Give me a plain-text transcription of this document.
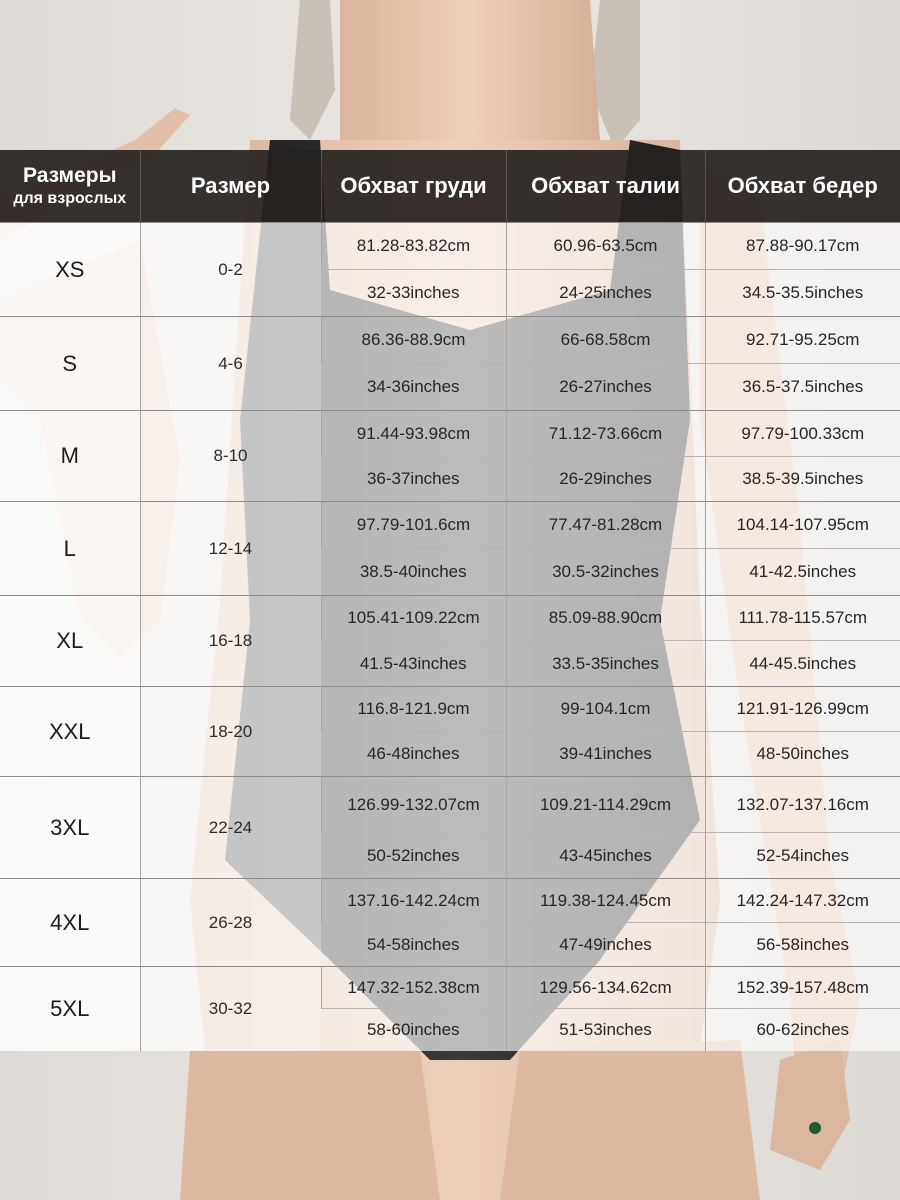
Размеры
для взрослых	Размер	Обхват груди	Обхват талии	Обхват бедер
XS	0-2	81.28-83.82cm	60.96-63.5cm	87.88-90.17cm
		32-33inches	24-25inches	34.5-35.5inches
S	4-6	86.36-88.9cm	66-68.58cm	92.71-95.25cm
		34-36inches	26-27inches	36.5-37.5inches
M	8-10	91.44-93.98cm	71.12-73.66cm	97.79-100.33cm
		36-37inches	26-29inches	38.5-39.5inches
L	12-14	97.79-101.6cm	77.47-81.28cm	104.14-107.95cm
		38.5-40inches	30.5-32inches	41-42.5inches
XL	16-18	105.41-109.22cm	85.09-88.90cm	111.78-115.57cm
		41.5-43inches	33.5-35inches	44-45.5inches
XXL	18-20	116.8-121.9cm	99-104.1cm	121.91-126.99cm
		46-48inches	39-41inches	48-50inches
3XL	22-24	126.99-132.07cm	109.21-114.29cm	132.07-137.16cm
		50-52inches	43-45inches	52-54inches
4XL	26-28	137.16-142.24cm	119.38-124.45cm	142.24-147.32cm
		54-58inches	47-49inches	56-58inches
5XL	30-32	147.32-152.38cm	129.56-134.62cm	152.39-157.48cm
		58-60inches	51-53inches	60-62inches
